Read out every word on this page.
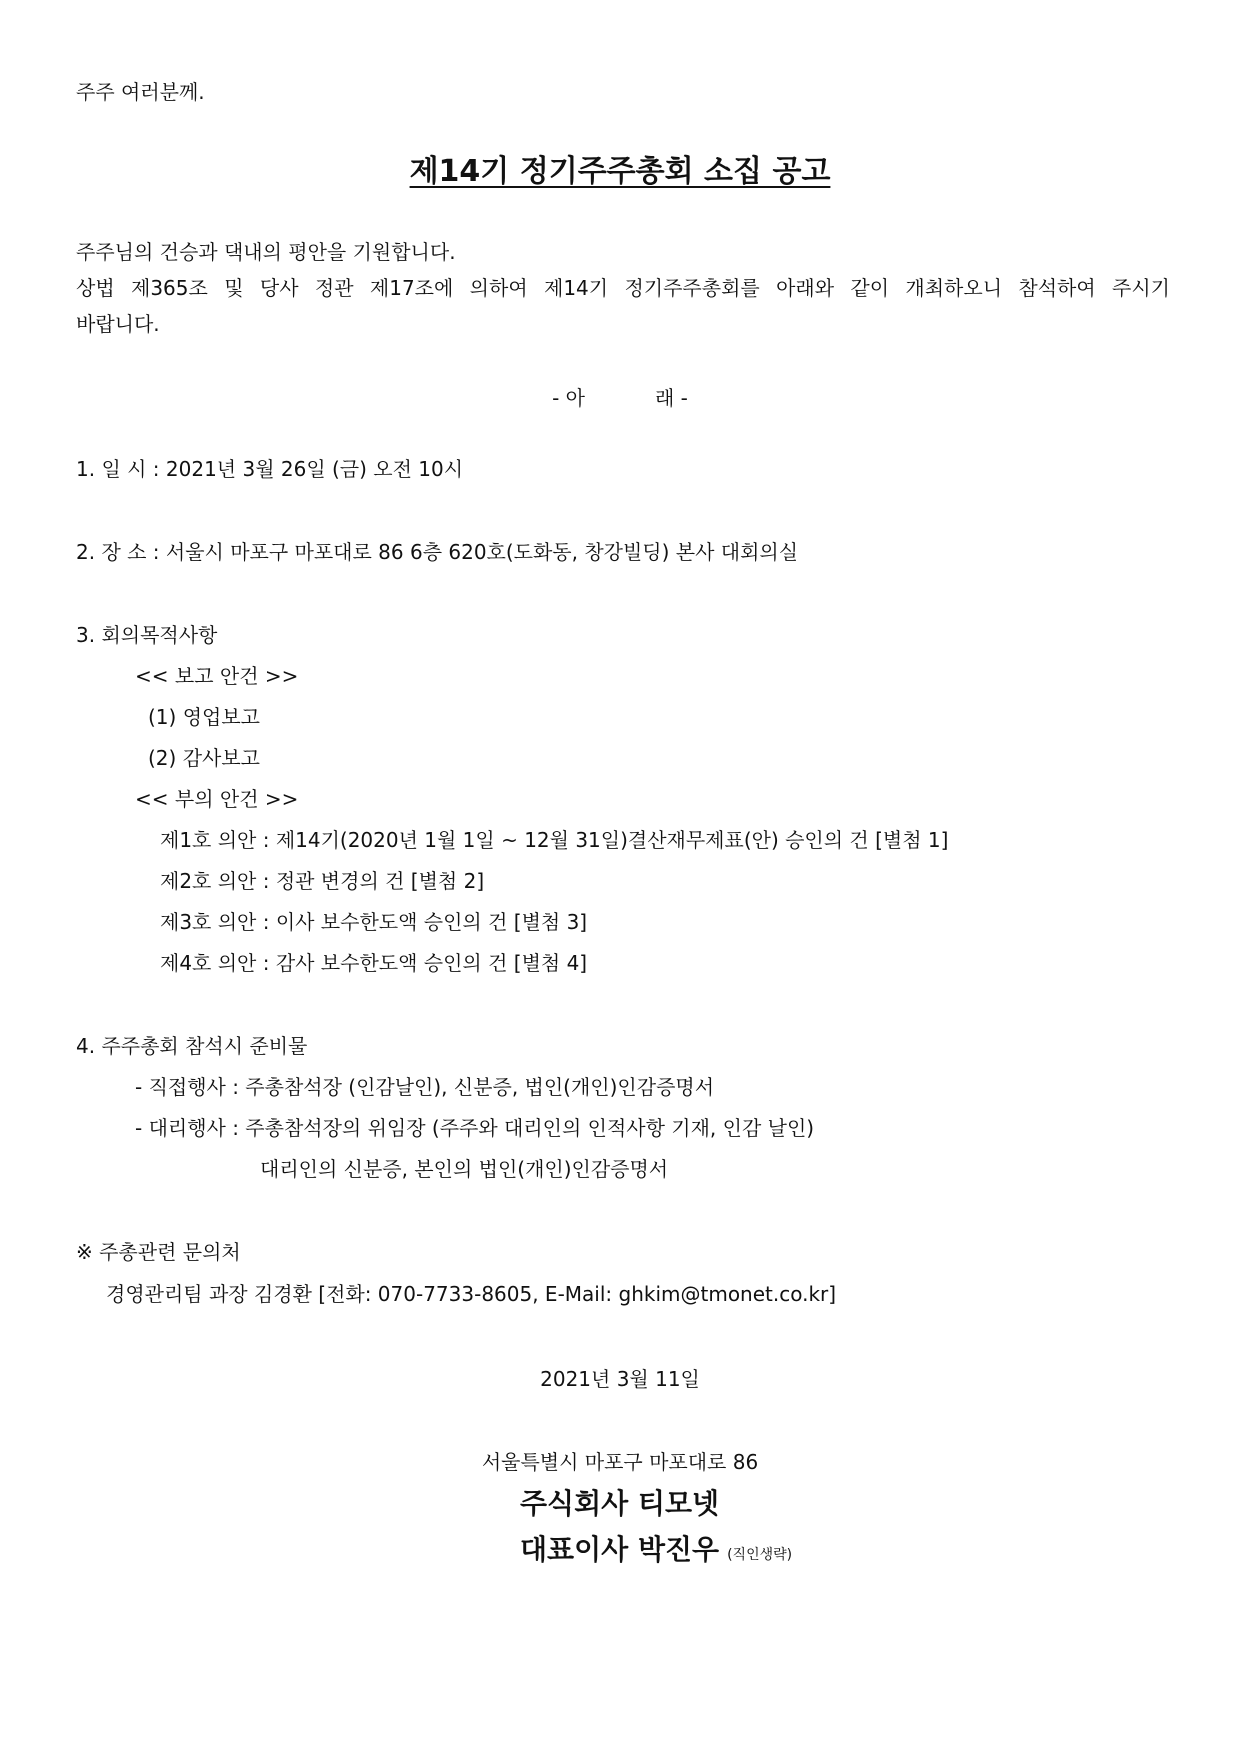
주주 여러분께.
제14기 정기주주총회 소집 공고
주주님의 건승과 댁내의 평안을 기원합니다.
상법 제365조 및 당사 정관 제17조에 의하여 제14기 정기주주총회를 아래와 같이 개최하오니 참석하여 주시기
바랍니다.
- 아	래 -
1. 일 시 : 2021년 3월 26일 (금) 오전 10시
2. 장 소 : 서울시 마포구 마포대로 86 6층 620호(도화동, 창강빌딩) 본사 대회의실
3. 회의목적사항
<< 보고 안건 >>
(1) 영업보고
(2) 감사보고
<< 부의 안건 >>
제1호 의안 : 제14기(2020년 1월 1일 ~ 12월 31일)결산재무제표(안) 승인의 건 [별첨 1]
제2호 의안 : 정관 변경의 건 [별첨 2]
제3호 의안 : 이사 보수한도액 승인의 건 [별첨 3]
제4호 의안 : 감사 보수한도액 승인의 건 [별첨 4]
4. 주주총회 참석시 준비물
- 직접행사 : 주총참석장 (인감날인), 신분증, 법인(개인)인감증명서
- 대리행사 : 주총참석장의 위임장 (주주와 대리인의 인적사항 기재, 인감 날인)
대리인의 신분증, 본인의 법인(개인)인감증명서
※ 주총관련 문의처
경영관리팀 과장 김경환 [전화: 070-7733-8605, E-Mail: ghkim@tmonet.co.kr]
2021년 3월 11일
서울특별시 마포구 마포대로 86
주식회사 티모넷
대표이사 박진우 (직인생략)
